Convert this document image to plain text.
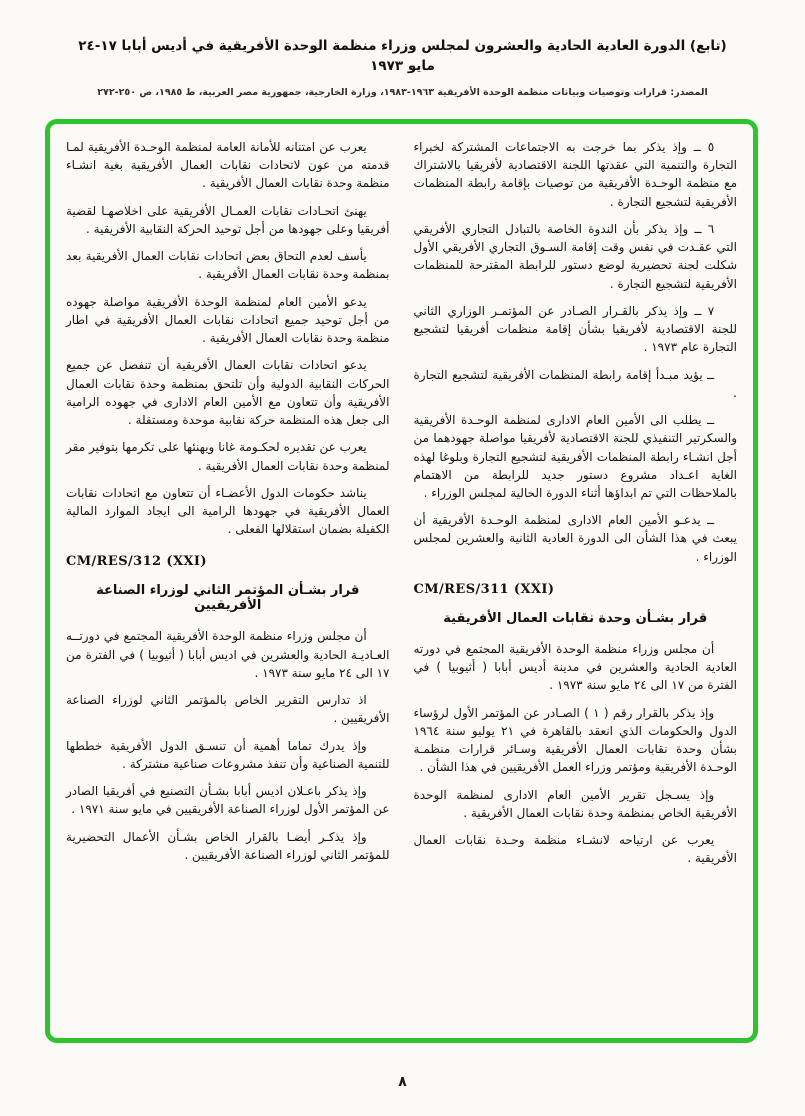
(تابع) الدورة العادية الحادية والعشرون لمجلس وزراء منظمة الوحدة الأفريقية في أديس أبابا ١٧-٢٤ مايو ١٩٧٣
المصدر: قرارات وتوصيات وبيانات منظمة الوحدة الأفريقية ١٩٦٣-١٩٨٣، وزارة الخارجية، جمهورية مصر العربية، ط ١٩٨٥، ص ٢٥٠-٢٧٢

٥ ــ وإذ يذكر بما خرجت به الاجتماعات المشتركة لخبراء التجارة والتنمية التي عقدتها اللجنة الاقتصادية لأفريقيا بالاشتراك مع منظمة الوحـدة الأفريقية من توصيات بإقامة رابطة المنظمات الأفريقية لتشجيع التجارة .

٦ ــ وإذ يذكر بأن الندوة الخاصة بالتبادل التجاري الأفريقي التي عقـدت في نفس وقت إقامة السـوق التجاري الأفريقي الأول شكلت لجنة تحضيرية لوضع دستور للرابطة المقترحة للمنظمات الأفريقية لتشجيع التجارة .

٧ ــ وإذ يذكر بالقـرار الصـادر عن المؤتمـر الوزاري الثاني للجنة الاقتصادية لأفريقيا بشأن إقامة منظمات أفريقيا لتشجيع التجارة عام ١٩٧٣ .

ــ يؤيد مبـدأ إقامة رابطة المنظمات الأفريقية لتشجيع التجارة .

ــ يطلب الى الأمين العام الادارى لمنظمة الوحـدة الأفريقية والسكرتير التنفيذي للجنة الاقتصادية لأفريقيا مواصلة جهودهما من أجل انشـاء رابطة المنظمات الأفريقية لتشجيع التجارة وبلوغا لهذه الغاية اعـداد مشروع دستور جديد للرابطة من الاهتمام بالملاحظات التي تم ابداؤها أثناء الدورة الحالية لمجلس الوزراء .

ــ يدعـو الأمين العام الادارى لمنظمة الوحـدة الأفريقية أن يبعث في هذا الشأن الى الدورة العادية الثانية والعشرين لمجلس الوزراء .

CM/RES/311 (XXI)
قرار بشـأن وحدة نقابات العمال الأفريقية

أن مجلس وزراء منظمة الوحدة الأفريقية المجتمع في دورته العادية الحادية والعشرين في مدينة أديس أبابا ( أثيوبيا ) في الفترة من ١٧ الى ٢٤ مايو سنة ١٩٧٣ .

وإذ يذكر بالقرار رقم ( ١ ) الصـادر عن المؤتمر الأول لرؤساء الدول والحكومات الذي انعقد بالقاهرة في ٢١ يوليو سنة ١٩٦٤ بشأن وحدة نقابات العمال الأفريقية وسـائر قرارات منظمـة الوحـدة الأفريقية ومؤتمر وزراء العمل الأفريقيين في هذا الشأن .

وإذ يسـجل تقرير الأمين العام الادارى لمنظمة الوحدة الأفريقية الخاص بمنظمة وحدة نقابات العمال الأفريقية .

يعرب عن ارتياحه لانشـاء منظمة وحـدة نقابات العمال الأفريقية .

يعرب عن امتنانه للأمانة العامة لمنظمة الوحـدة الأفريقية لمـا قدمته من عون لاتحادات نقابات العمال الأفريقية بغية انشـاء منظمة وحدة نقابات العمال الأفريقية .

يهنئ اتحـادات نقابات العمـال الأفريقية على اخلاصهـا لقضية أفريقيا وعلى جهودها من أجل توحيد الحركة النقابية الأفريقية .

يأسف لعدم التحاق بعض اتحادات نقابات العمال الأفريقية بعد بمنظمة وحدة نقابات العمال الأفريقية .

يدعو الأمين العام لمنظمة الوحدة الأفريقية مواصلة جهوده من أجل توحيد جميع اتحادات نقابات العمال الأفريقية في اطار منظمة وحدة نقابات العمال الأفريقية .

يدعو اتحادات نقابات العمال الأفريقية أن تنفصل عن جميع الحركات النقابية الدولية وأن تلتحق بمنظمة وحدة نقابات العمال الأفريقية وأن تتعاون مع الأمين العام الادارى في جهوده الرامية الى جعل هذه المنظمة حركة نقابية موحدة ومستقلة .

يعرب عن تقديره لحكـومة غانا ويهنئها على تكرمها بتوفير مقر لمنظمة وحدة نقابات العمال الأفريقية .

يناشد حكومات الدول الأعضـاء أن تتعاون مع اتحادات نقابات العمال الأفريقية في جهودها الرامية الى ايجاد الموارد المالية الكفيلة بضمان استقلالها الفعلى .

CM/RES/312 (XXI)
قرار بشـأن المؤتمر الثاني لوزراء الصناعة الأفريقيين

أن مجلس وزراء منظمة الوحدة الأفريقية المجتمع في دورتــه العـاديـة الحادية والعشرين في اديس أبابا ( أثيوبيا ) في الفترة من ١٧ الى ٢٤ مايو سنة ١٩٧٣ .

اذ تدارس التقرير الخاص بالمؤتمر الثاني لوزراء الصناعة الأفريقيين .

وإذ يدرك تماما أهمية أن تنسـق الدول الأفريقية خططها للتنمية الصناعية وأن تنفذ مشروعات صناعية مشتركة .

وإذ يذكر باعـلان اديس أبابا بشـأن التصنيع في أفريقيا الصادر عن المؤتمر الأول لوزراء الصناعة الأفريقيين في مايو سنة ١٩٧١ .

وإذ يذكـر أيضـا بالقرار الخاص بشـأن الأعمال التحضيرية للمؤتمر الثاني لوزراء الصناعة الأفريقيين .

٨
